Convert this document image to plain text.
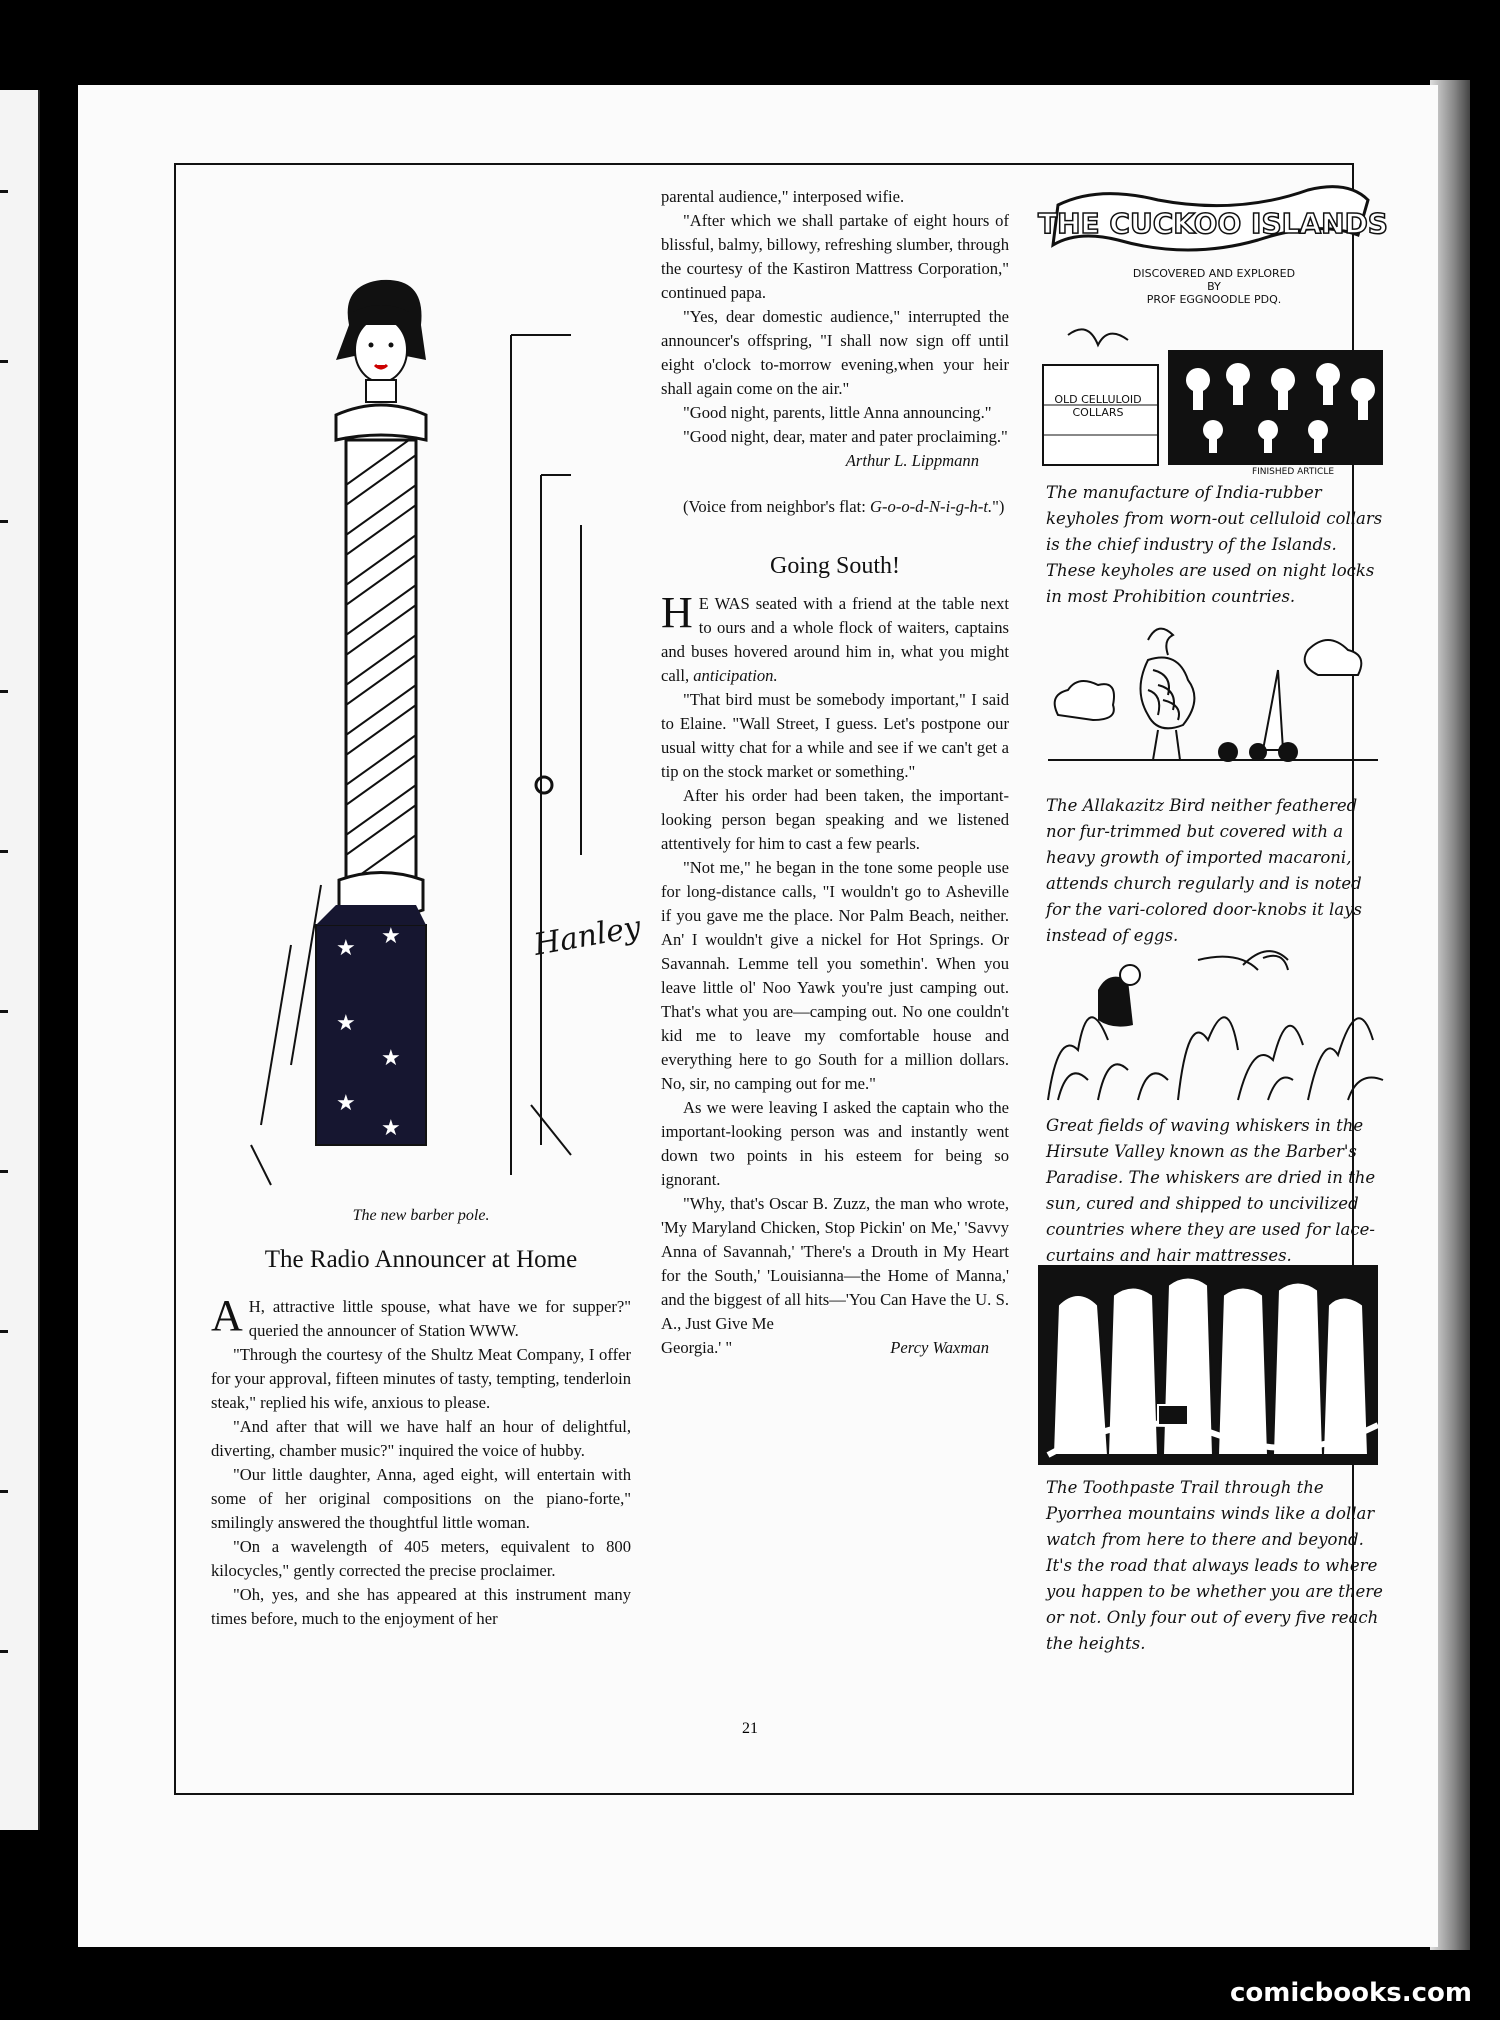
★ ★
★
★
★
★
Hanley
The new barber pole.
The Radio Announcer at Home

A H, attractive little spouse, what have we for supper?" queried the announcer of Station WWW.

"Through the courtesy of the Shultz Meat Company, I offer for your approval, fifteen minutes of tasty, tempting, tenderloin steak," replied his wife, anxious to please.

"And after that will we have half an hour of delightful, diverting, chamber music?" inquired the voice of hubby.

"Our little daughter, Anna, aged eight, will entertain with some of her original compositions on the piano-forte," smilingly answered the thoughtful little woman.

"On a wavelength of 405 meters, equivalent to 800 kilocycles," gently corrected the precise proclaimer.

"Oh, yes, and she has appeared at this instrument many times before, much to the enjoyment of her

parental audience," interposed wifie.

"After which we shall partake of eight hours of blissful, balmy, billowy, refreshing slumber, through the courtesy of the Kastiron Mattress Corporation," continued papa.

"Yes, dear domestic audience," interrupted the announcer's offspring, "I shall now sign off until eight o'clock to-morrow evening,when your heir shall again come on the air."

"Good night, parents, little Anna announcing."

"Good night, dear, mater and pater proclaiming."

Arthur L. Lippmann

(Voice from neighbor's flat: G-o-o-d-N-i-g-h-t.")

Going South!

H E WAS seated with a friend at the table next to ours and a whole flock of waiters, captains and buses hovered around him in, what you might call, anticipation.

"That bird must be somebody important," I said to Elaine. "Wall Street, I guess. Let's postpone our usual witty chat for a while and see if we can't get a tip on the stock market or something."

After his order had been taken, the important-looking person began speaking and we listened attentively for him to cast a few pearls.

"Not me," he began in the tone some people use for long-distance calls, "I wouldn't go to Asheville if you gave me the place. Nor Palm Beach, neither. An' I wouldn't give a nickel for Hot Springs. Or Savannah. Lemme tell you somethin'. When you leave little ol' Noo Yawk you're just camping out. That's what you are—camping out. No one couldn't kid me to leave my comfortable house and everything here to go South for a million dollars. No, sir, no camping out for me."

As we were leaving I asked the captain who the important-looking person was and instantly went down two points in his esteem for being so ignorant.

"Why, that's Oscar B. Zuzz, the man who wrote, 'My Maryland Chicken, Stop Pickin' on Me,' 'Savvy Anna of Savannah,' 'There's a Drouth in My Heart for the South,' 'Louisianna—the Home of Manna,' and the biggest of all hits—'You Can Have the U. S. A., Just Give Me

Georgia.' "	Percy Waxman

THE CUCKOO ISLANDS
DISCOVERED AND EXPLORED
BY
PROF EGGNOODLE PDQ.
OLD CELLULOID COLLARS
FINISHED ARTICLE
The manufacture of India-rubber keyholes from worn-out celluloid collars is the chief industry of the Islands. These keyholes are used on night locks in most Prohibition countries.
The Allakazitz Bird neither feathered nor fur-trimmed but covered with a heavy growth of imported macaroni, attends church regularly and is noted for the vari-colored door-knobs it lays instead of eggs.
Great fields of waving whiskers in the Hirsute Valley known as the Barber's Paradise. The whiskers are dried in the sun, cured and shipped to uncivilized countries where they are used for lace-curtains and hair mattresses.
The Toothpaste Trail through the Pyorrhea mountains winds like a dollar watch from here to there and beyond. It's the road that always leads to where you happen to be whether you are there or not. Only four out of every five reach the heights.
21
comicbooks.com
